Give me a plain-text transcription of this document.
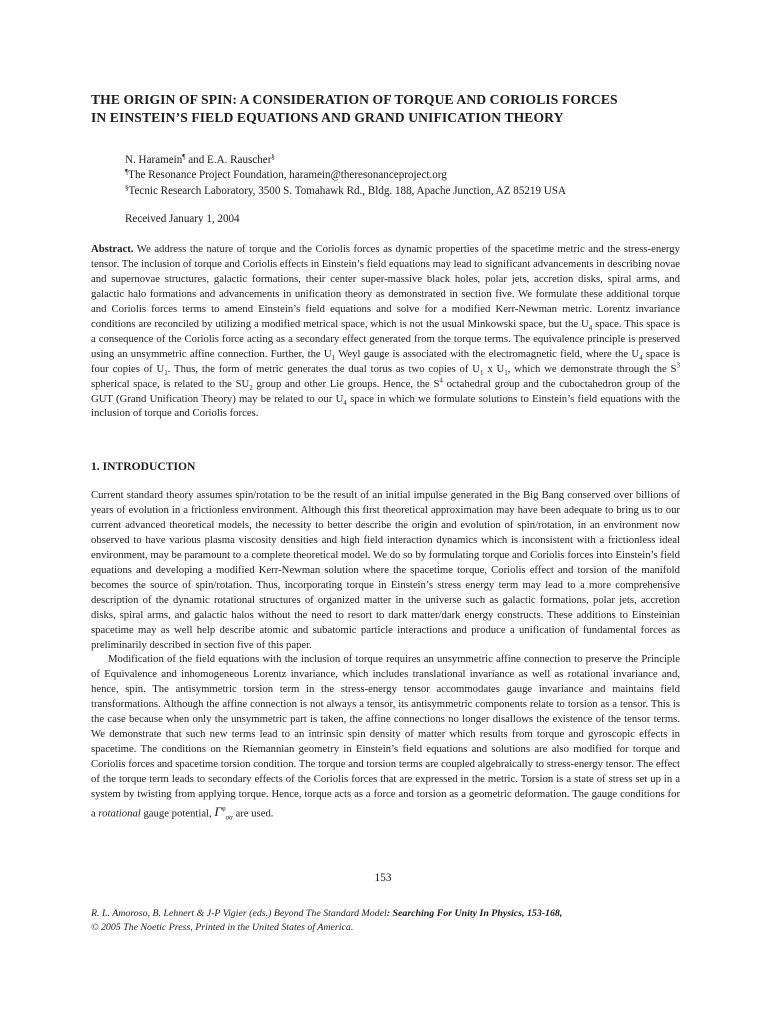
THE ORIGIN OF SPIN: A CONSIDERATION OF TORQUE AND CORIOLIS FORCES
IN EINSTEIN’S FIELD EQUATIONS AND GRAND UNIFICATION THEORY
N. Haramein¶ and E.A. Rauscher§
¶The Resonance Project Foundation, haramein@theresonanceproject.org
§Tecnic Research Laboratory, 3500 S. Tomahawk Rd., Bldg. 188, Apache Junction, AZ 85219 USA
Received January 1, 2004
Abstract. We address the nature of torque and the Coriolis forces as dynamic properties of the spacetime metric and the stress-energy tensor. The inclusion of torque and Coriolis effects in Einstein’s field equations may lead to significant advancements in describing novae and supernovae structures, galactic formations, their center super-massive black holes, polar jets, accretion disks, spiral arms, and galactic halo formations and advancements in unification theory as demonstrated in section five. We formulate these additional torque and Coriolis forces terms to amend Einstein’s field equations and solve for a modified Kerr-Newman metric. Lorentz invariance conditions are reconciled by utilizing a modified metrical space, which is not the usual Minkowski space, but the $U_4$ space. This space is a consequence of the Coriolis force acting as a secondary effect generated from the torque terms. The equivalence principle is preserved using an unsymmetric affine connection. Further, the $U_1$ Weyl gauge is associated with the electromagnetic field, where the $U_4$ space is four copies of $U_1$. Thus, the form of metric generates the dual torus as two copies of $U_1$ x $U_1$, which we demonstrate through the $S^3$ spherical space, is related to the $SU_2$ group and other Lie groups. Hence, the $S^4$ octahedral group and the cuboctahedron group of the GUT (Grand Unification Theory) may be related to our $U_4$ space in which we formulate solutions to Einstein’s field equations with the inclusion of torque and Coriolis forces.
1. INTRODUCTION

Current standard theory assumes spin/rotation to be the result of an initial impulse generated in the Big Bang conserved over billions of years of evolution in a frictionless environment. Although this first theoretical approximation may have been adequate to bring us to our current advanced theoretical models, the necessity to better describe the origin and evolution of spin/rotation, in an environment now observed to have various plasma viscosity densities and high field interaction dynamics which is inconsistent with a frictionless ideal environment, may be paramount to a complete theoretical model. We do so by formulating torque and Coriolis forces into Einstein’s field equations and developing a modified Kerr-Newman solution where the spacetime torque, Coriolis effect and torsion of the manifold becomes the source of spin/rotation. Thus, incorporating torque in Einstein’s stress energy term may lead to a more comprehensive description of the dynamic rotational structures of organized matter in the universe such as galactic formations, polar jets, accretion disks, spiral arms, and galactic halos without the need to resort to dark matter/dark energy constructs. These additions to Einsteinian spacetime may as well help describe atomic and subatomic particle interactions and produce a unification of fundamental forces as preliminarily described in section five of this paper.

Modification of the field equations with the inclusion of torque requires an unsymmetric affine connection to preserve the Principle of Equivalence and inhomogeneous Lorentz invariance, which includes translational invariance as well as rotational invariance and, hence, spin. The antisymmetric torsion term in the stress-energy tensor accommodates gauge invariance and maintains field transformations. Although the affine connection is not always a tensor, its antisymmetric components relate to torsion as a tensor. This is the case because when only the unsymmetric part is taken, the affine connections no longer disallows the existence of the tensor terms. We demonstrate that such new terms lead to an intrinsic spin density of matter which results from torque and gyroscopic effects in spacetime. The conditions on the Riemannian geometry in Einstein’s field equations and solutions are also modified for torque and Coriolis forces and spacetime torsion condition. The torque and torsion terms are coupled algebraically to stress-energy tensor. The effect of the torque term leads to secondary effects of the Coriolis forces that are expressed in the metric. Torsion is a state of stress set up in a system by twisting from applying torque. Hence, torque acts as a force and torsion as a geometric deformation. The gauge conditions for a rotational gauge potential, $\Gamma^\varphi_{\sigma\alpha}$ are used.

153
R. L. Amoroso, B. Lehnert & J-P Vigier (eds.) Beyond The Standard Model: Searching For Unity In Physics, 153-168,
© 2005 The Noetic Press, Printed in the United States of America.
